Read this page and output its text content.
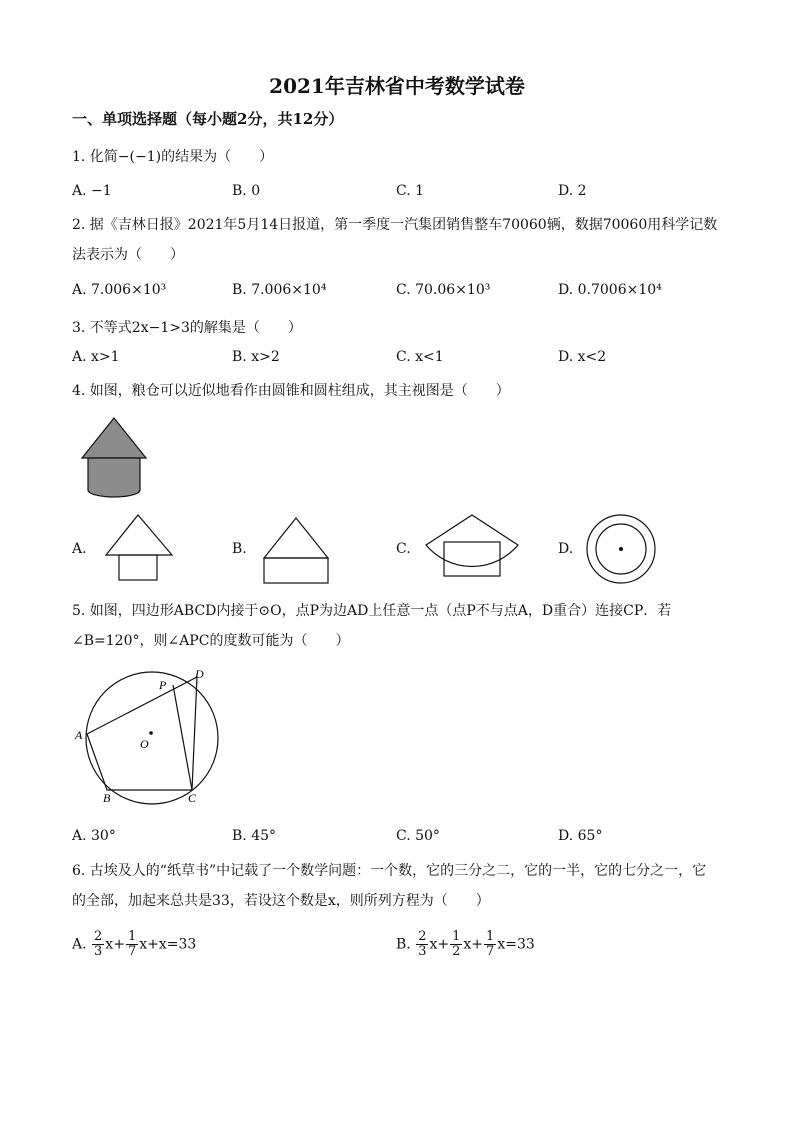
2021年吉林省中考数学试卷
一、单项选择题（每小题2分，共12分）
1. 化简−(−1)的结果为（　　）
A. −1	B. 0	C. 1	D. 2
2. 据《吉林日报》2021年5月14日报道，第一季度一汽集团销售整车70060辆，数据70060用科学记数
法表示为（　　）
A. 7.006×10³	B. 7.006×10⁴	C. 70.06×10³	D. 0.7006×10⁴
3. 不等式2x−1>3的解集是（　　）
A. x>1	B. x>2	C. x<1	D. x<2
4. 如图，粮仓可以近似地看作由圆锥和圆柱组成，其主视图是（　　）
A.	B.	C.	D.
5. 如图，四边形ABCD内接于⊙O，点P为边AD上任意一点（点P不与点A，D重合）连接CP．若
∠B=120°，则∠APC的度数可能为（　　）
A
B	C
D
P
O
A. 30°	B. 45°	C. 50°	D. 65°
6. 古埃及人的“纸草书”中记载了一个数学问题：一个数，它的三分之二，它的一半，它的七分之一，它
的全部，加起来总共是33，若设这个数是x，则所列方程为（　　）
A. $\frac{2}{3} x+ \frac{1}{7} x+x=33$	B. $\frac{2}{3} x+ \frac{1}{2} x+ \frac{1}{7} x=33$
